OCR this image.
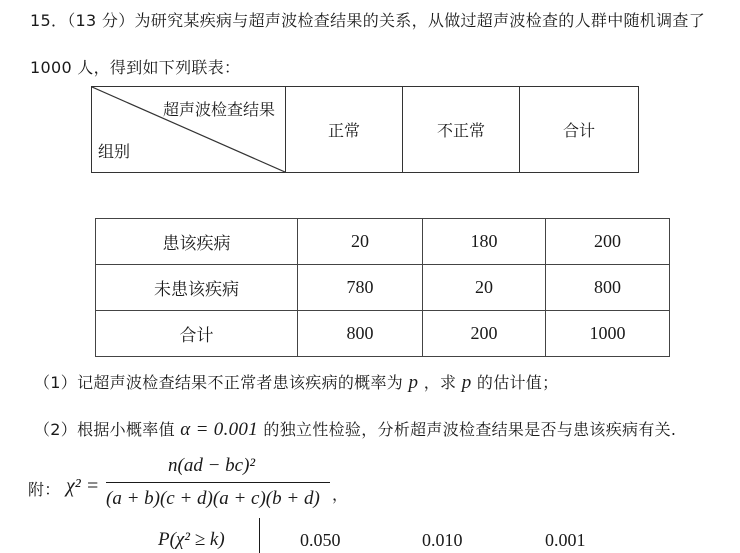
15．（13 分）为研究某疾病与超声波检查结果的关系，从做过超声波检查的人群中随机调查了
1000 人，得到如下列联表：
超声波检查结果
组别
	正常	不正常	合计
患该疾病	20	180	200
未患该疾病	780	20	800
合计	800	200	1000
（1）记超声波检查结果不正常者患该疾病的概率为 p ，求 p 的估计值；
（2）根据小概率值 α = 0.001 的独立性检验，分析超声波检查结果是否与患该疾病有关.
附： χ² =
n(ad − bc)²
(a + b)(c + d)(a + c)(b + d) ，
P(χ² ≥ k)	0.050	0.010	0.001
